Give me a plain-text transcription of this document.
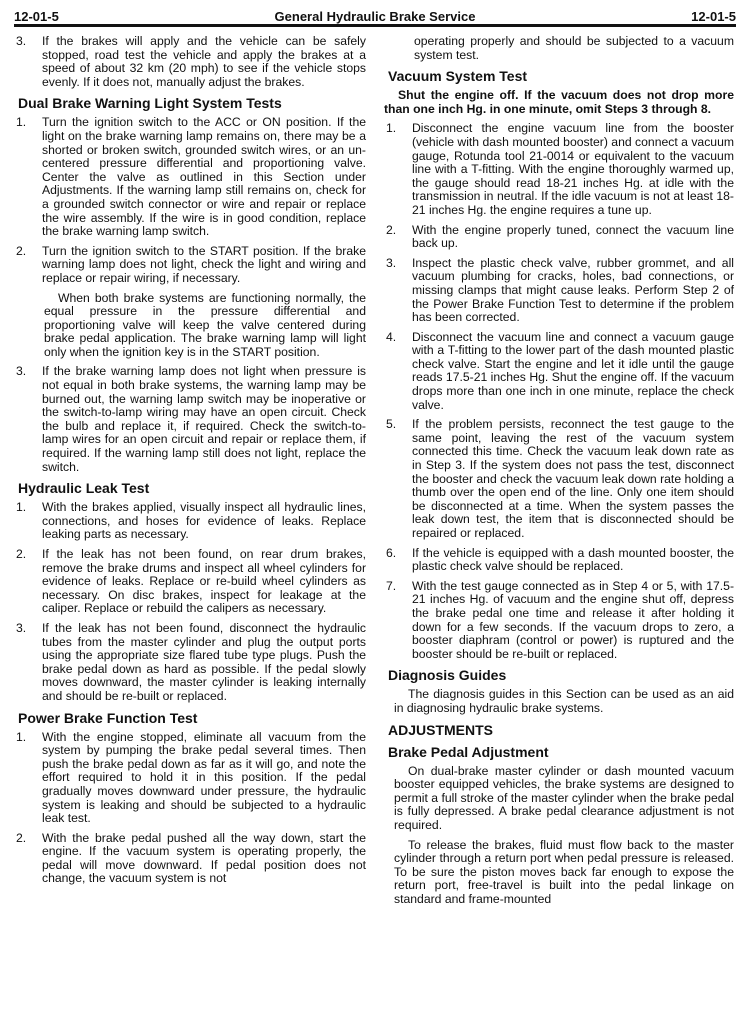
12-01-5	General Hydraulic Brake Service	12-01-5
3.	If the brakes will apply and the vehicle can be safely stopped, road test the vehicle and apply the brakes at a speed of about 32 km (20 mph) to see if the vehicle stops evenly. If it does not, manually adjust the brakes.
Dual Brake Warning Light System Tests
1.	Turn the ignition switch to the ACC or ON position. If the light on the brake warning lamp remains on, there may be a shorted or broken switch, grounded switch wires, or an un-centered pressure differential and proportioning valve. Center the valve as outlined in this Section under Adjustments. If the warning lamp still remains on, check for a grounded switch connector or wire and repair or replace the wire assembly. If the wire is in good condition, replace the brake warning lamp switch.
2.	Turn the ignition switch to the START position. If the brake warning lamp does not light, check the light and wiring and replace or repair wiring, if necessary.

When both brake systems are functioning normally, the equal pressure in the pressure differential and proportioning valve will keep the valve centered during brake pedal application. The brake warning lamp will light only when the ignition key is in the START position.

3.	If the brake warning lamp does not light when pressure is not equal in both brake systems, the warning lamp may be burned out, the warning lamp switch may be inoperative or the switch-to-lamp wiring may have an open circuit. Check the bulb and replace it, if required. Check the switch-to-lamp wires for an open circuit and repair or replace them, if required. If the warning lamp still does not light, replace the switch.
Hydraulic Leak Test
1.	With the brakes applied, visually inspect all hydraulic lines, connections, and hoses for evidence of leaks. Replace leaking parts as necessary.
2.	If the leak has not been found, on rear drum brakes, remove the brake drums and inspect all wheel cylinders for evidence of leaks. Replace or re-build wheel cylinders as necessary. On disc brakes, inspect for leakage at the caliper. Replace or rebuild the calipers as necessary.
3.	If the leak has not been found, disconnect the hydraulic tubes from the master cylinder and plug the output ports using the appropriate size flared tube type plugs. Push the brake pedal down as hard as possible. If the pedal slowly moves downward, the master cylinder is leaking internally and should be re-built or replaced.
Power Brake Function Test
1.	With the engine stopped, eliminate all vacuum from the system by pumping the brake pedal several times. Then push the brake pedal down as far as it will go, and note the effort required to hold it in this position. If the pedal gradually moves downward under pressure, the hydraulic system is leaking and should be subjected to a hydraulic leak test.
2.	With the brake pedal pushed all the way down, start the engine. If the vacuum system is operating properly, the pedal will move downward. If pedal position does not change, the vacuum system is not

operating properly and should be subjected to a vacuum system test.

Vacuum System Test

Shut the engine off. If the vacuum does not drop more than one inch Hg. in one minute, omit Steps 3 through 8.

1.	Disconnect the engine vacuum line from the booster (vehicle with dash mounted booster) and connect a vacuum gauge, Rotunda tool 21-0014 or equivalent to the vacuum line with a T-fitting. With the engine thoroughly warmed up, the gauge should read 18-21 inches Hg. at idle with the transmission in neutral. If the idle vacuum is not at least 18-21 inches Hg. the engine requires a tune up.
2.	With the engine properly tuned, connect the vacuum line back up.
3.	Inspect the plastic check valve, rubber grommet, and all vacuum plumbing for cracks, holes, bad connections, or missing clamps that might cause leaks. Perform Step 2 of the Power Brake Function Test to determine if the problem has been corrected.
4.	Disconnect the vacuum line and connect a vacuum gauge with a T-fitting to the lower part of the dash mounted plastic check valve. Start the engine and let it idle until the gauge reads 17.5-21 inches Hg. Shut the engine off. If the vacuum drops more than one inch in one minute, replace the check valve.
5.	If the problem persists, reconnect the test gauge to the same point, leaving the rest of the vacuum system connected this time. Check the vacuum leak down rate as in Step 3. If the system does not pass the test, disconnect the booster and check the vacuum leak down rate holding a thumb over the open end of the line. Only one item should be disconnected at a time. When the system passes the leak down test, the item that is disconnected should be repaired or replaced.
6.	If the vehicle is equipped with a dash mounted booster, the plastic check valve should be replaced.
7.	With the test gauge connected as in Step 4 or 5, with 17.5-21 inches Hg. of vacuum and the engine shut off, depress the brake pedal one time and release it after holding it down for a few seconds. If the vacuum drops to zero, a booster diaphram (control or power) is ruptured and the booster should be re-built or replaced.
Diagnosis Guides

The diagnosis guides in this Section can be used as an aid in diagnosing hydraulic brake systems.

ADJUSTMENTS
Brake Pedal Adjustment

On dual-brake master cylinder or dash mounted vacuum booster equipped vehicles, the brake systems are designed to permit a full stroke of the master cylinder when the brake pedal is fully depressed. A brake pedal clearance adjustment is not required.

To release the brakes, fluid must flow back to the master cylinder through a return port when pedal pressure is released. To be sure the piston moves back far enough to expose the return port, free-travel is built into the pedal linkage on standard and frame-mounted
